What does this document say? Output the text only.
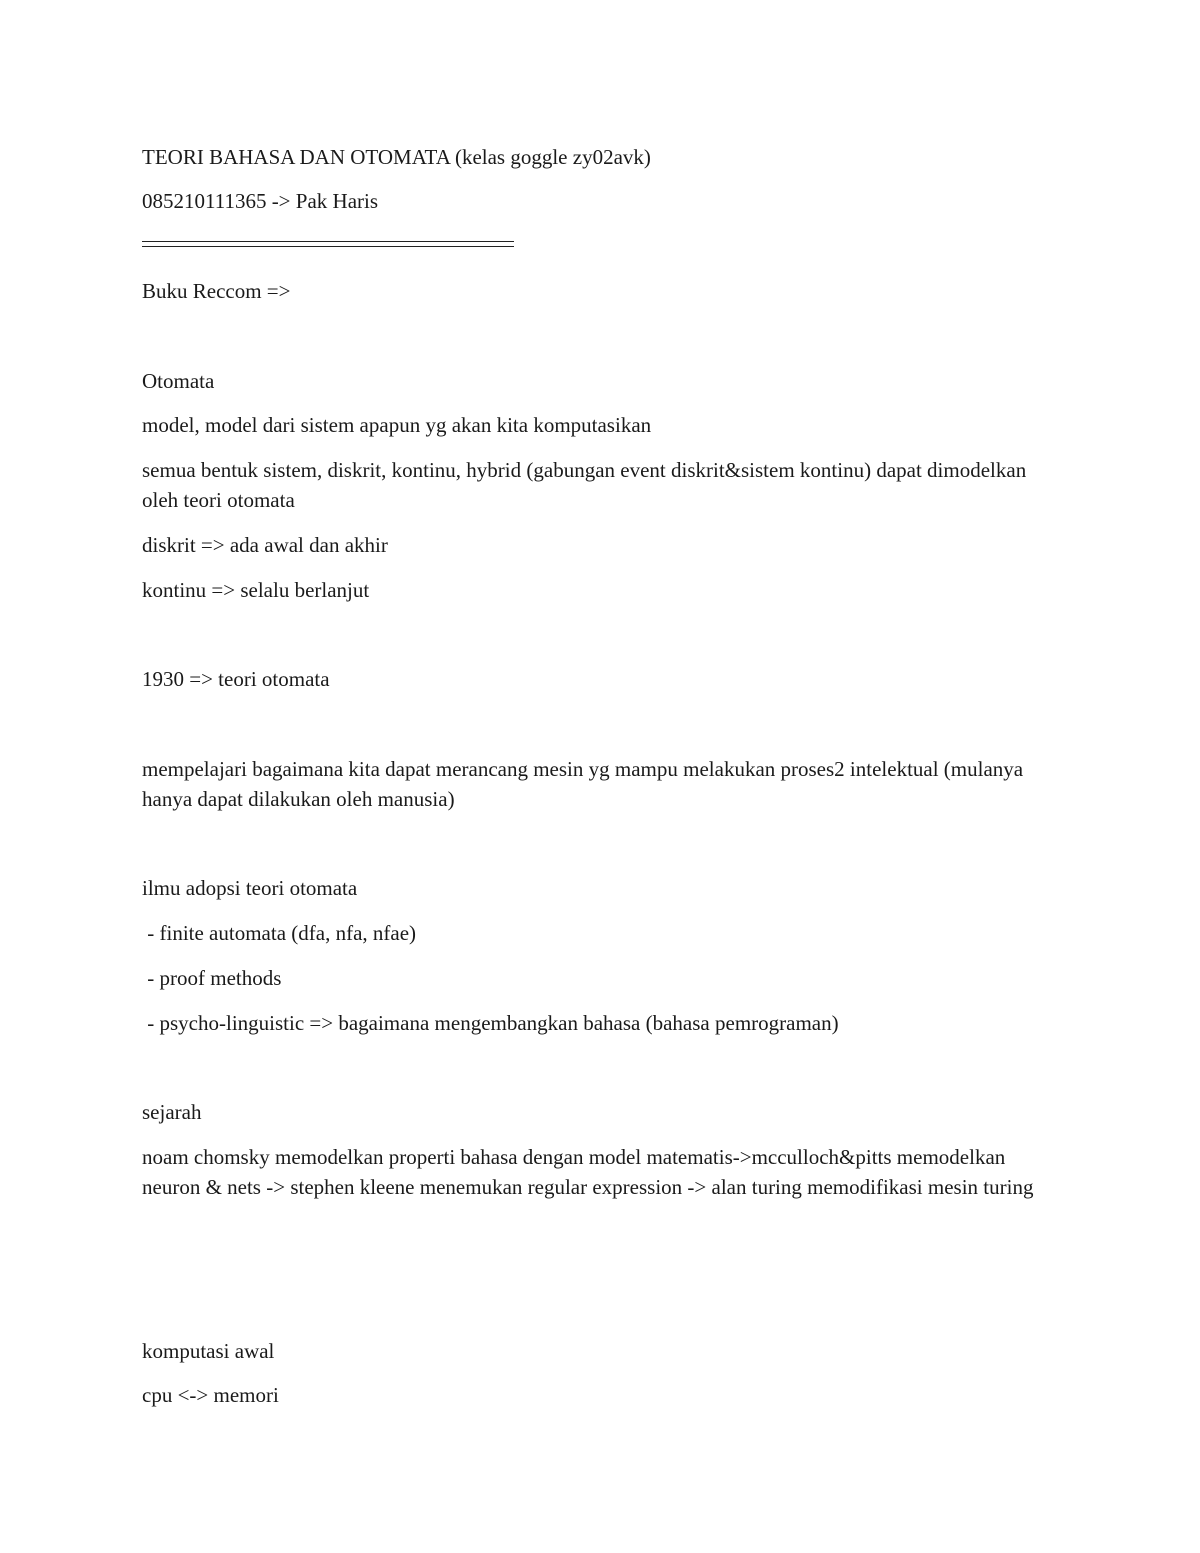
TEORI BAHASA DAN OTOMATA (kelas goggle zy02avk)

085210111365 -> Pak Haris

Buku Reccom =>

Otomata

model, model dari sistem apapun yg akan kita komputasikan

semua bentuk sistem, diskrit, kontinu, hybrid (gabungan event diskrit&sistem kontinu) dapat dimodelkan oleh teori otomata

diskrit => ada awal dan akhir

kontinu => selalu berlanjut

1930 => teori otomata

mempelajari bagaimana kita dapat merancang mesin yg mampu melakukan proses2 intelektual (mulanya hanya dapat dilakukan oleh manusia)

ilmu adopsi teori otomata

- finite automata (dfa, nfa, nfae)

- proof methods

- psycho-linguistic => bagaimana mengembangkan bahasa (bahasa pemrograman)

sejarah

noam chomsky memodelkan properti bahasa dengan model matematis->mcculloch&pitts memodelkan neuron & nets -> stephen kleene menemukan regular expression -> alan turing memodifikasi mesin turing

komputasi awal

cpu <-> memori
